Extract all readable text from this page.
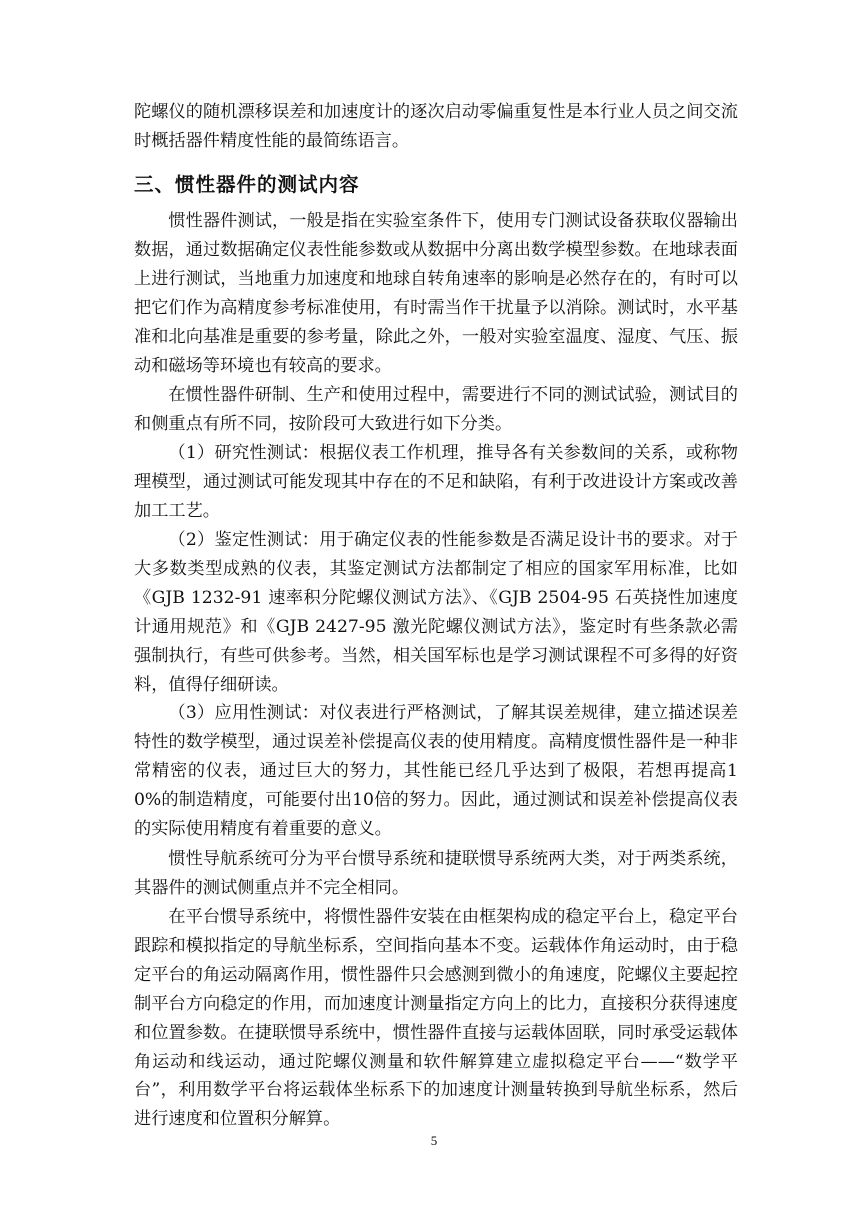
陀螺仪的随机漂移误差和加速度计的逐次启动零偏重复性是本行业人员之间交流时概括器件精度性能的最简练语言。

三、惯性器件的测试内容

惯性器件测试，一般是指在实验室条件下，使用专门测试设备获取仪器输出数据，通过数据确定仪表性能参数或从数据中分离出数学模型参数。在地球表面上进行测试，当地重力加速度和地球自转角速率的影响是必然存在的，有时可以把它们作为高精度参考标准使用，有时需当作干扰量予以消除。测试时，水平基准和北向基准是重要的参考量，除此之外，一般对实验室温度、湿度、气压、振动和磁场等环境也有较高的要求。

在惯性器件研制、生产和使用过程中，需要进行不同的测试试验，测试目的和侧重点有所不同，按阶段可大致进行如下分类。

（1）研究性测试：根据仪表工作机理，推导各有关参数间的关系，或称物理模型，通过测试可能发现其中存在的不足和缺陷，有利于改进设计方案或改善加工工艺。

（2）鉴定性测试：用于确定仪表的性能参数是否满足设计书的要求。对于大多数类型成熟的仪表，其鉴定测试方法都制定了相应的国家军用标准，比如《GJB 1232-91 速率积分陀螺仪测试方法》、《GJB 2504-95 石英挠性加速度计通用规范》和《GJB 2427-95 激光陀螺仪测试方法》，鉴定时有些条款必需强制执行，有些可供参考。当然，相关国军标也是学习测试课程不可多得的好资料，值得仔细研读。

（3）应用性测试：对仪表进行严格测试，了解其误差规律，建立描述误差特性的数学模型，通过误差补偿提高仪表的使用精度。高精度惯性器件是一种非常精密的仪表，通过巨大的努力，其性能已经几乎达到了极限，若想再提高10%的制造精度，可能要付出10倍的努力。因此，通过测试和误差补偿提高仪表的实际使用精度有着重要的意义。

惯性导航系统可分为平台惯导系统和捷联惯导系统两大类，对于两类系统，其器件的测试侧重点并不完全相同。

在平台惯导系统中，将惯性器件安装在由框架构成的稳定平台上，稳定平台跟踪和模拟指定的导航坐标系，空间指向基本不变。运载体作角运动时，由于稳定平台的角运动隔离作用，惯性器件只会感测到微小的角速度，陀螺仪主要起控制平台方向稳定的作用，而加速度计测量指定方向上的比力，直接积分获得速度和位置参数。在捷联惯导系统中，惯性器件直接与运载体固联，同时承受运载体角运动和线运动，通过陀螺仪测量和软件解算建立虚拟稳定平台——“数学平台”，利用数学平台将运载体坐标系下的加速度计测量转换到导航坐标系，然后进行速度和位置积分解算。

5
